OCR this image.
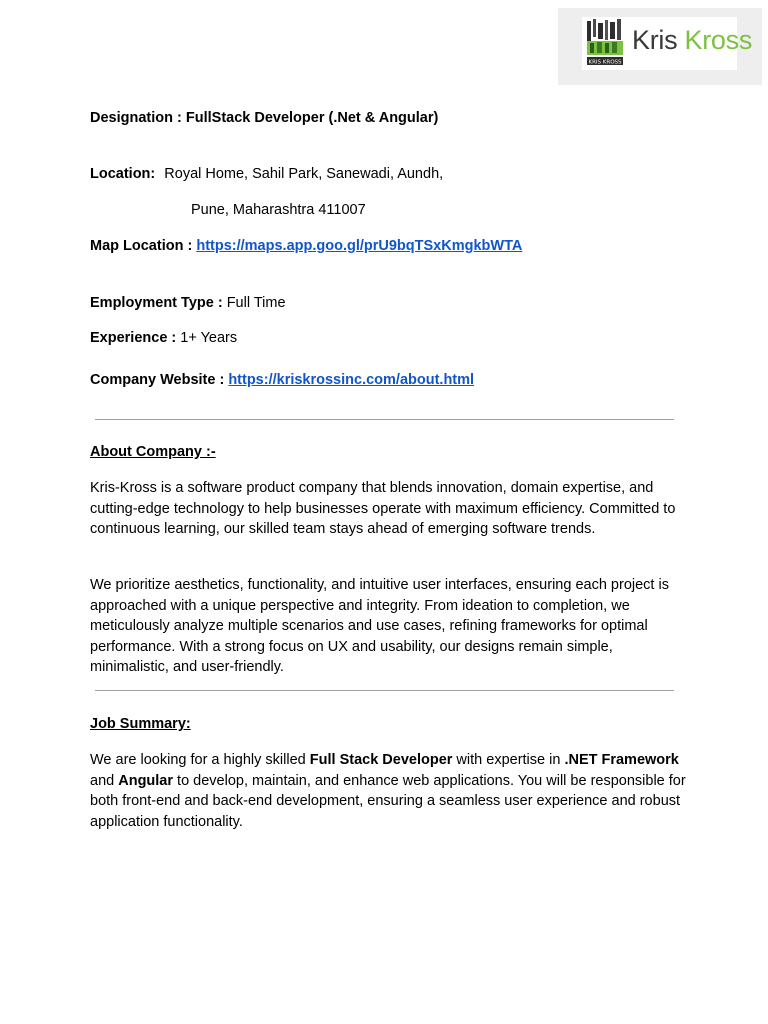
KRIS KROSS
Kris Kross
Designation : FullStack Developer (.Net & Angular)
Location: Royal Home, Sahil Park, Sanewadi, Aundh,
Pune, Maharashtra 411007
Map Location : https://maps.app.goo.gl/prU9bqTSxKmgkbWTA
Employment Type : Full Time
Experience : 1+ Years
Company Website : https://kriskrossinc.com/about.html
About Company :-

Kris-Kross is a software product company that blends innovation, domain expertise, and cutting-edge technology to help businesses operate with maximum efficiency. Committed to continuous learning, our skilled team stays ahead of emerging software trends.

We prioritize aesthetics, functionality, and intuitive user interfaces, ensuring each project is approached with a unique perspective and integrity. From ideation to completion, we meticulously analyze multiple scenarios and use cases, refining frameworks for optimal performance. With a strong focus on UX and usability, our designs remain simple, minimalistic, and user-friendly.

Job Summary:

We are looking for a highly skilled Full Stack Developer with expertise in .NET Framework and Angular to develop, maintain, and enhance web applications. You will be responsible for both front-end and back-end development, ensuring a seamless user experience and robust application functionality.
